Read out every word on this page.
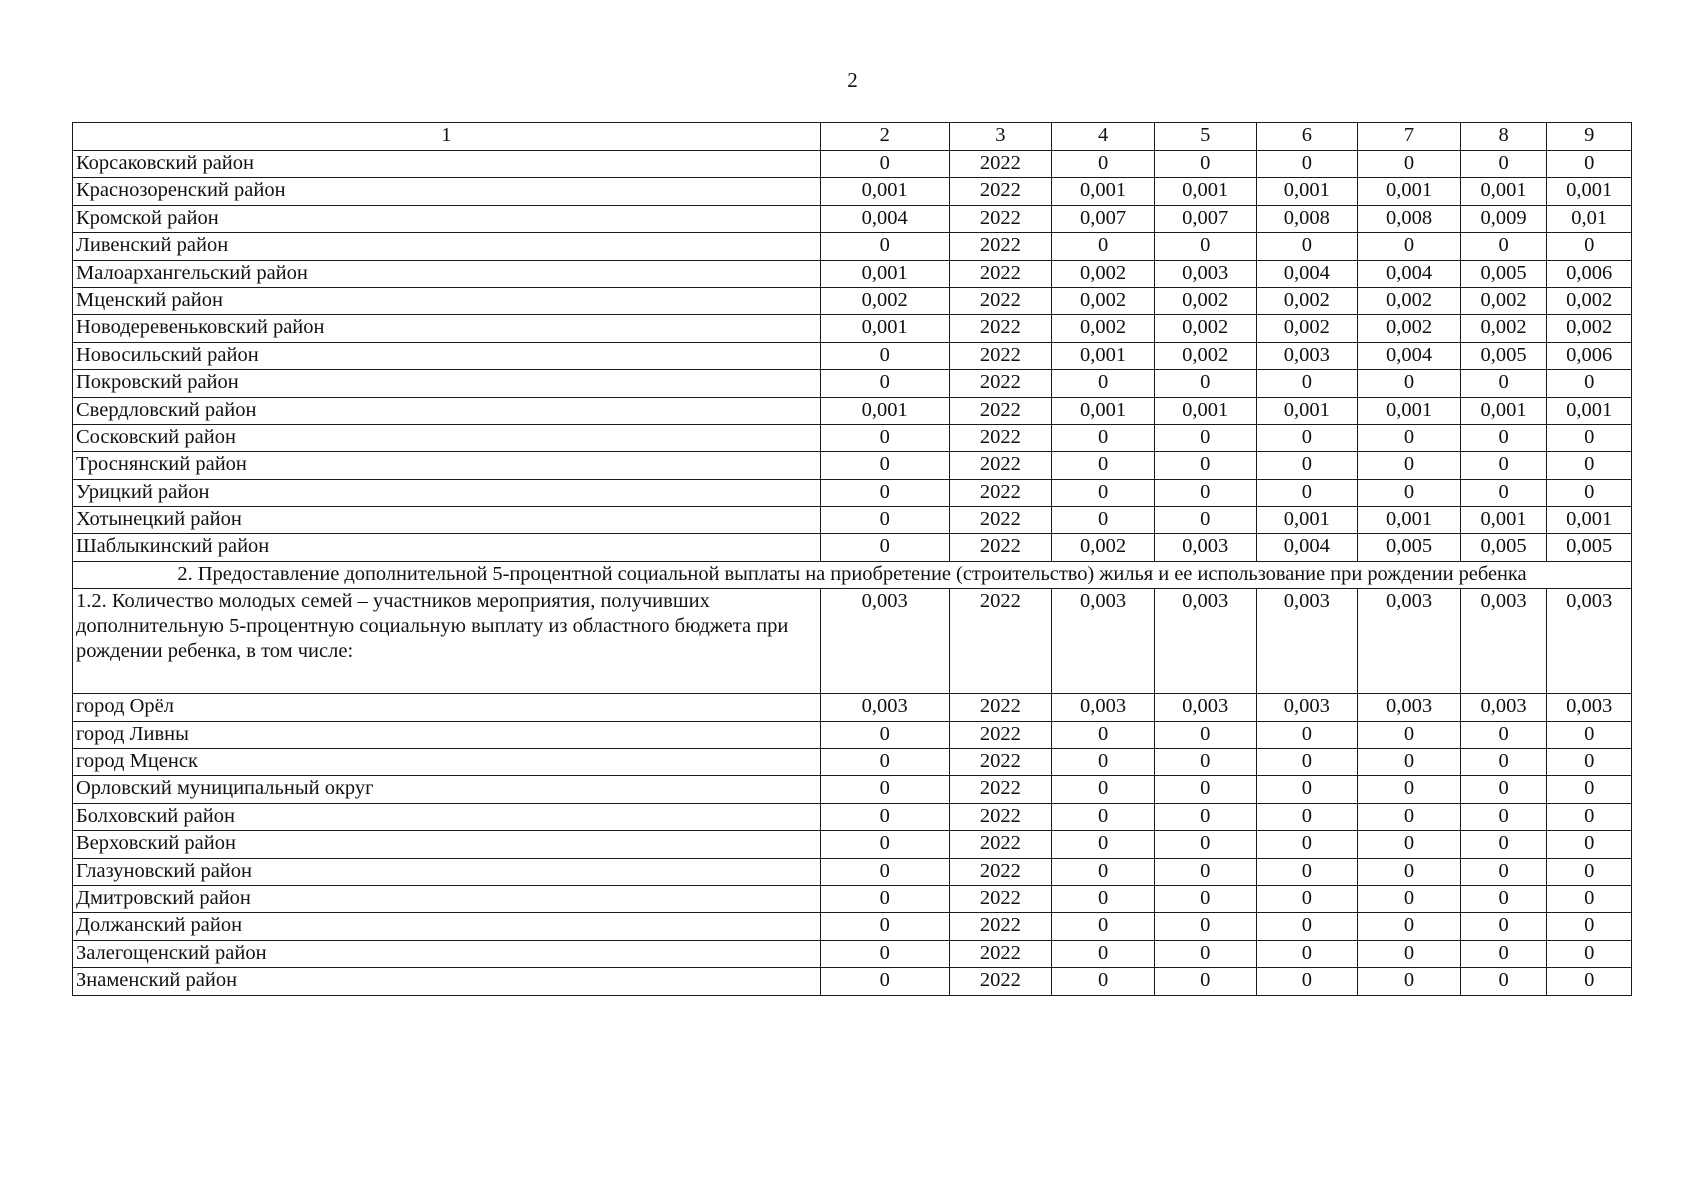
2
1	2	3	4	5	6	7	8	9
Корсаковский район	0	2022	0	0	0	0	0	0
Краснозоренский район	0,001	2022	0,001	0,001	0,001	0,001	0,001	0,001
Кромской район	0,004	2022	0,007	0,007	0,008	0,008	0,009	0,01
Ливенский район	0	2022	0	0	0	0	0	0
Малоархангельский район	0,001	2022	0,002	0,003	0,004	0,004	0,005	0,006
Мценский район	0,002	2022	0,002	0,002	0,002	0,002	0,002	0,002
Новодеревеньковский район	0,001	2022	0,002	0,002	0,002	0,002	0,002	0,002
Новосильский район	0	2022	0,001	0,002	0,003	0,004	0,005	0,006
Покровский район	0	2022	0	0	0	0	0	0
Свердловский район	0,001	2022	0,001	0,001	0,001	0,001	0,001	0,001
Сосковский район	0	2022	0	0	0	0	0	0
Троснянский район	0	2022	0	0	0	0	0	0
Урицкий район	0	2022	0	0	0	0	0	0
Хотынецкий район	0	2022	0	0	0,001	0,001	0,001	0,001
Шаблыкинский район	0	2022	0,002	0,003	0,004	0,005	0,005	0,005
2. Предоставление дополнительной 5-процентной социальной выплаты на приобретение (строительство) жилья и ее использование при рождении ребенка								
1.2. Количество молодых семей – участников мероприятия, получивших дополнительную 5-процентную социальную выплату из областного бюджета при рождении ребенка, в том числе:	0,003	2022	0,003	0,003	0,003	0,003	0,003	0,003
город Орёл	0,003	2022	0,003	0,003	0,003	0,003	0,003	0,003
город Ливны	0	2022	0	0	0	0	0	0
город Мценск	0	2022	0	0	0	0	0	0
Орловский муниципальный округ	0	2022	0	0	0	0	0	0
Болховский район	0	2022	0	0	0	0	0	0
Верховский район	0	2022	0	0	0	0	0	0
Глазуновский район	0	2022	0	0	0	0	0	0
Дмитровский район	0	2022	0	0	0	0	0	0
Должанский район	0	2022	0	0	0	0	0	0
Залегощенский район	0	2022	0	0	0	0	0	0
Знаменский район	0	2022	0	0	0	0	0	0
